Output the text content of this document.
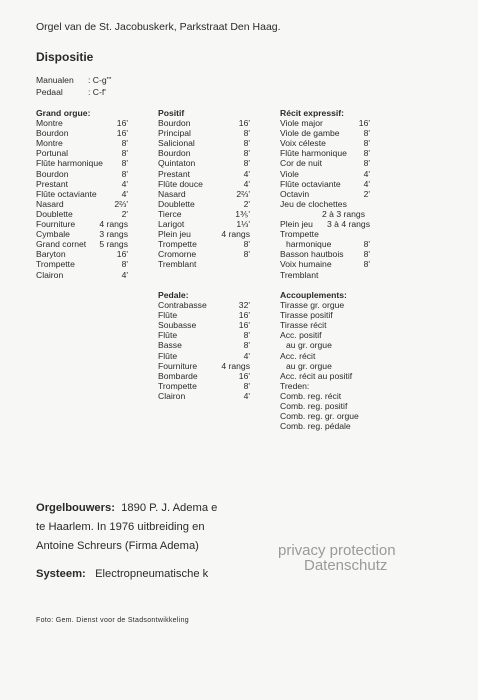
Orgel van de St. Jacobuskerk, Parkstraat Den Haag.
Dispositie
Manualen	: C-g'''
Pedaal	: C-f'
Grand orgue:
Montre	16'
Bourdon	16'
Montre	8'
Portunal	8'
Flûte harmonique 8'
Bourdon	8'
Prestant	4'
Flûte octaviante	4'
Nasard	2⅔'
Doublette	2'
Fourniture	4 rangs
Cymbale	3 rangs
Grand cornet 5 rangs
Baryton	16'
Trompette	8'
Clairon	4'
Positif
Bourdon	16'
Principal	8'
Salicional	8'
Bourdon	8'
Quintaton	8'
Prestant	4'
Flûte douce	4'
Nasard	2⅔'
Doublette	2'
Tierce	1⅗'
Larigot	1⅓'
Plein jeu	4 rangs
Trompette	8'
Cromorne	8'
Tremblant
Récit expressif:
Viole major	16'
Viole de gambe	8'
Voix céleste	8'
Flûte harmonique 8'
Cor de nuit	8'
Viole	4'
Flûte octaviante	4'
Octavin	2'
Jeu de clochettes
2 à 3 rangs
Plein jeu 3 à 4 rangs
Trompette
harmonique	8'
Basson hautbois 8'
Voix humaine	8'
Tremblant
Pedale:
Contrabasse	32'
Flûte	16'
Soubasse	16'
Flûte	8'
Basse	8'
Flûte	4'
Fourniture	4 rangs
Bombarde	16'
Trompette	8'
Clairon	4'
Accouplements:
Tirasse gr. orgue
Tirasse positif
Tirasse récit
Acc. positif
au gr. orgue
Acc. récit
au gr. orgue
Acc. récit au positif
Treden:
Comb. reg. récit
Comb. reg. positif
Comb. reg. gr. orgue
Comb. reg. pédale
Orgelbouwers: 1890 P. J. Adema e
te Haarlem. In 1976 uitbreiding en
Antoine Schreurs (Firma Adema)
Systeem: Electropneumatische k
privacy protection
Datenschutz
Foto: Gem. Dienst voor de Stadsontwikkeling
